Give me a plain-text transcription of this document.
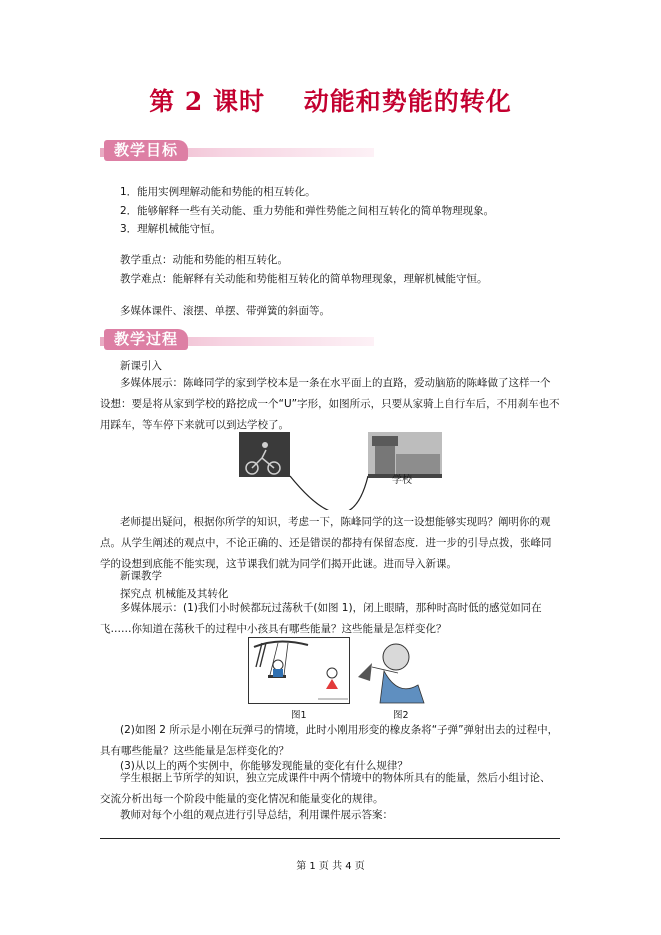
第 2 课时    动能和势能的转化
教学目标
1．能用实例理解动能和势能的相互转化。
2．能够解释一些有关动能、重力势能和弹性势能之间相互转化的简单物理现象。
3．理解机械能守恒。
教学重点：动能和势能的相互转化。
教学难点：能解释有关动能和势能相互转化的简单物理现象，理解机械能守恒。
多媒体课件、滚摆、单摆、带弹簧的斜面等。
教学过程
新课引入
多媒体展示：陈峰同学的家到学校本是一条在水平面上的直路，爱动脑筋的陈峰做了这样一个设想：要是将从家到学校的路挖成一个“U”字形，如图所示，只要从家骑上自行车后，不用刹车也不用踩车，等车停下来就可以到达学校了。
学校
老师提出疑问，根据你所学的知识，考虑一下，陈峰同学的这一设想能够实现吗？阐明你的观点。从学生阐述的观点中，不论正确的、还是错误的都持有保留态度．进一步的引导点拨，张峰同学的设想到底能不能实现，这节课我们就为同学们揭开此谜。进而导入新课。
新课教学
探究点 机械能及其转化
多媒体展示：(1)我们小时候都玩过荡秋千(如图 1)，闭上眼睛，那种时高时低的感觉如同在飞……你知道在荡秋千的过程中小孩具有哪些能量？这些能量是怎样变化？
图1	图2
(2)如图 2 所示是小刚在玩弹弓的情境，此时小刚用形变的橡皮条将“子弹”弹射出去的过程中，具有哪些能量？这些能量是怎样变化的？
(3)从以上的两个实例中，你能够发现能量的变化有什么规律？
学生根据上节所学的知识，独立完成课件中两个情境中的物体所具有的能量，然后小组讨论、交流分析出每一个阶段中能量的变化情况和能量变化的规律。
教师对每个小组的观点进行引导总结，利用课件展示答案：
第 1 页 共 4 页
